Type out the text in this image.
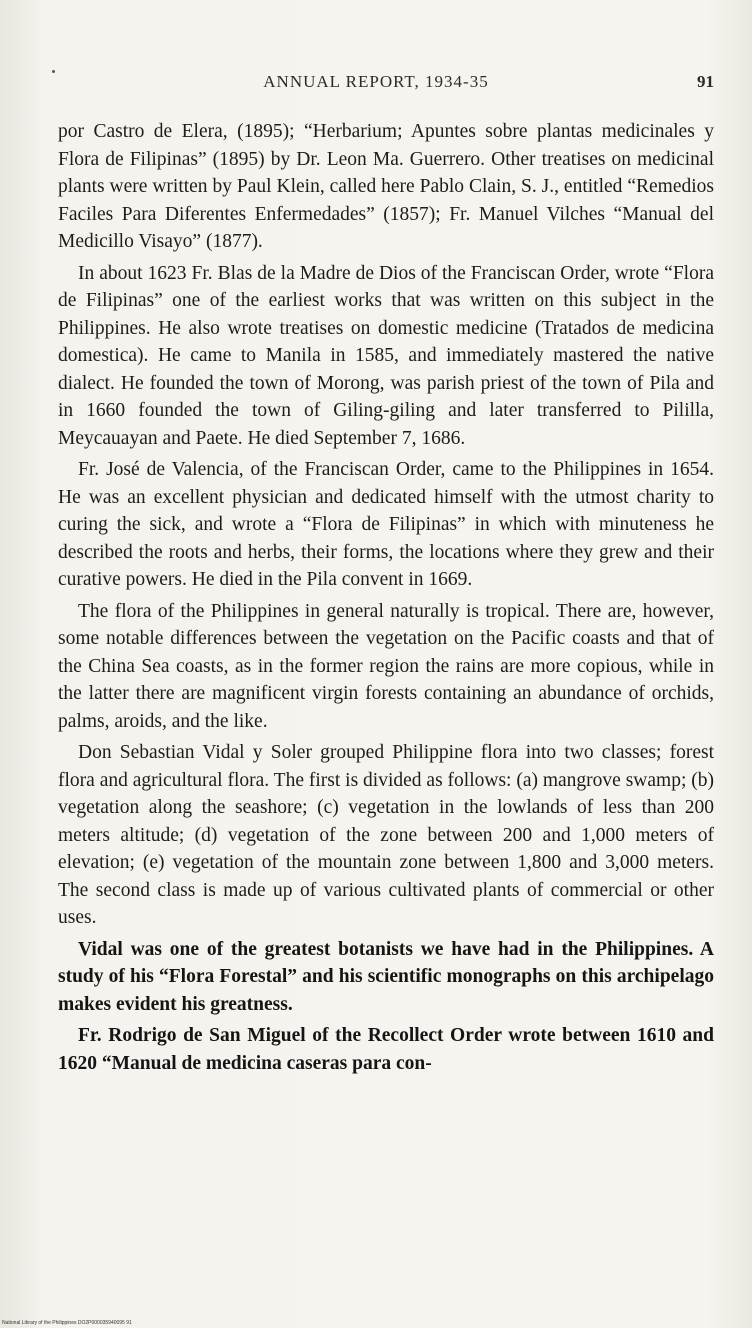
ANNUAL REPORT, 1934-35	91

por Castro de Elera, (1895); “Herbarium; Apuntes sobre plantas medicinales y Flora de Filipinas” (1895) by Dr. Leon Ma. Guerrero. Other treatises on medicinal plants were written by Paul Klein, called here Pablo Clain, S. J., entitled “Remedios Faciles Para Diferentes Enfermedades” (1857); Fr. Manuel Vilches “Manual del Medicillo Visayo” (1877).

In about 1623 Fr. Blas de la Madre de Dios of the Franciscan Order, wrote “Flora de Filipinas” one of the earliest works that was written on this subject in the Philippines. He also wrote treatises on domestic medicine (Tratados de medicina domestica). He came to Manila in 1585, and immediately mastered the native dialect. He founded the town of Morong, was parish priest of the town of Pila and in 1660 founded the town of Giling-giling and later transferred to Pililla, Meycauayan and Paete. He died September 7, 1686.

Fr. José de Valencia, of the Franciscan Order, came to the Philippines in 1654. He was an excellent physician and dedicated himself with the utmost charity to curing the sick, and wrote a “Flora de Filipinas” in which with minuteness he described the roots and herbs, their forms, the locations where they grew and their curative powers. He died in the Pila convent in 1669.

The flora of the Philippines in general naturally is tropical. There are, however, some notable differences between the vegetation on the Pacific coasts and that of the China Sea coasts, as in the former region the rains are more copious, while in the latter there are magnificent virgin forests containing an abundance of orchids, palms, aroids, and the like.

Don Sebastian Vidal y Soler grouped Philippine flora into two classes; forest flora and agricultural flora. The first is divided as follows: (a) mangrove swamp; (b) vegetation along the seashore; (c) vegetation in the lowlands of less than 200 meters altitude; (d) vegetation of the zone between 200 and 1,000 meters of elevation; (e) vegetation of the mountain zone between 1,800 and 3,000 meters. The second class is made up of various cultivated plants of commercial or other uses.

Vidal was one of the greatest botanists we have had in the Philippines. A study of his “Flora Forestal” and his scientific monographs on this archipelago makes evident his greatness.

Fr. Rodrigo de San Miguel of the Recollect Order wrote between 1610 and 1620 “Manual de medicina caseras para con-

National Library of the Philippines DO2P000035940095 91
